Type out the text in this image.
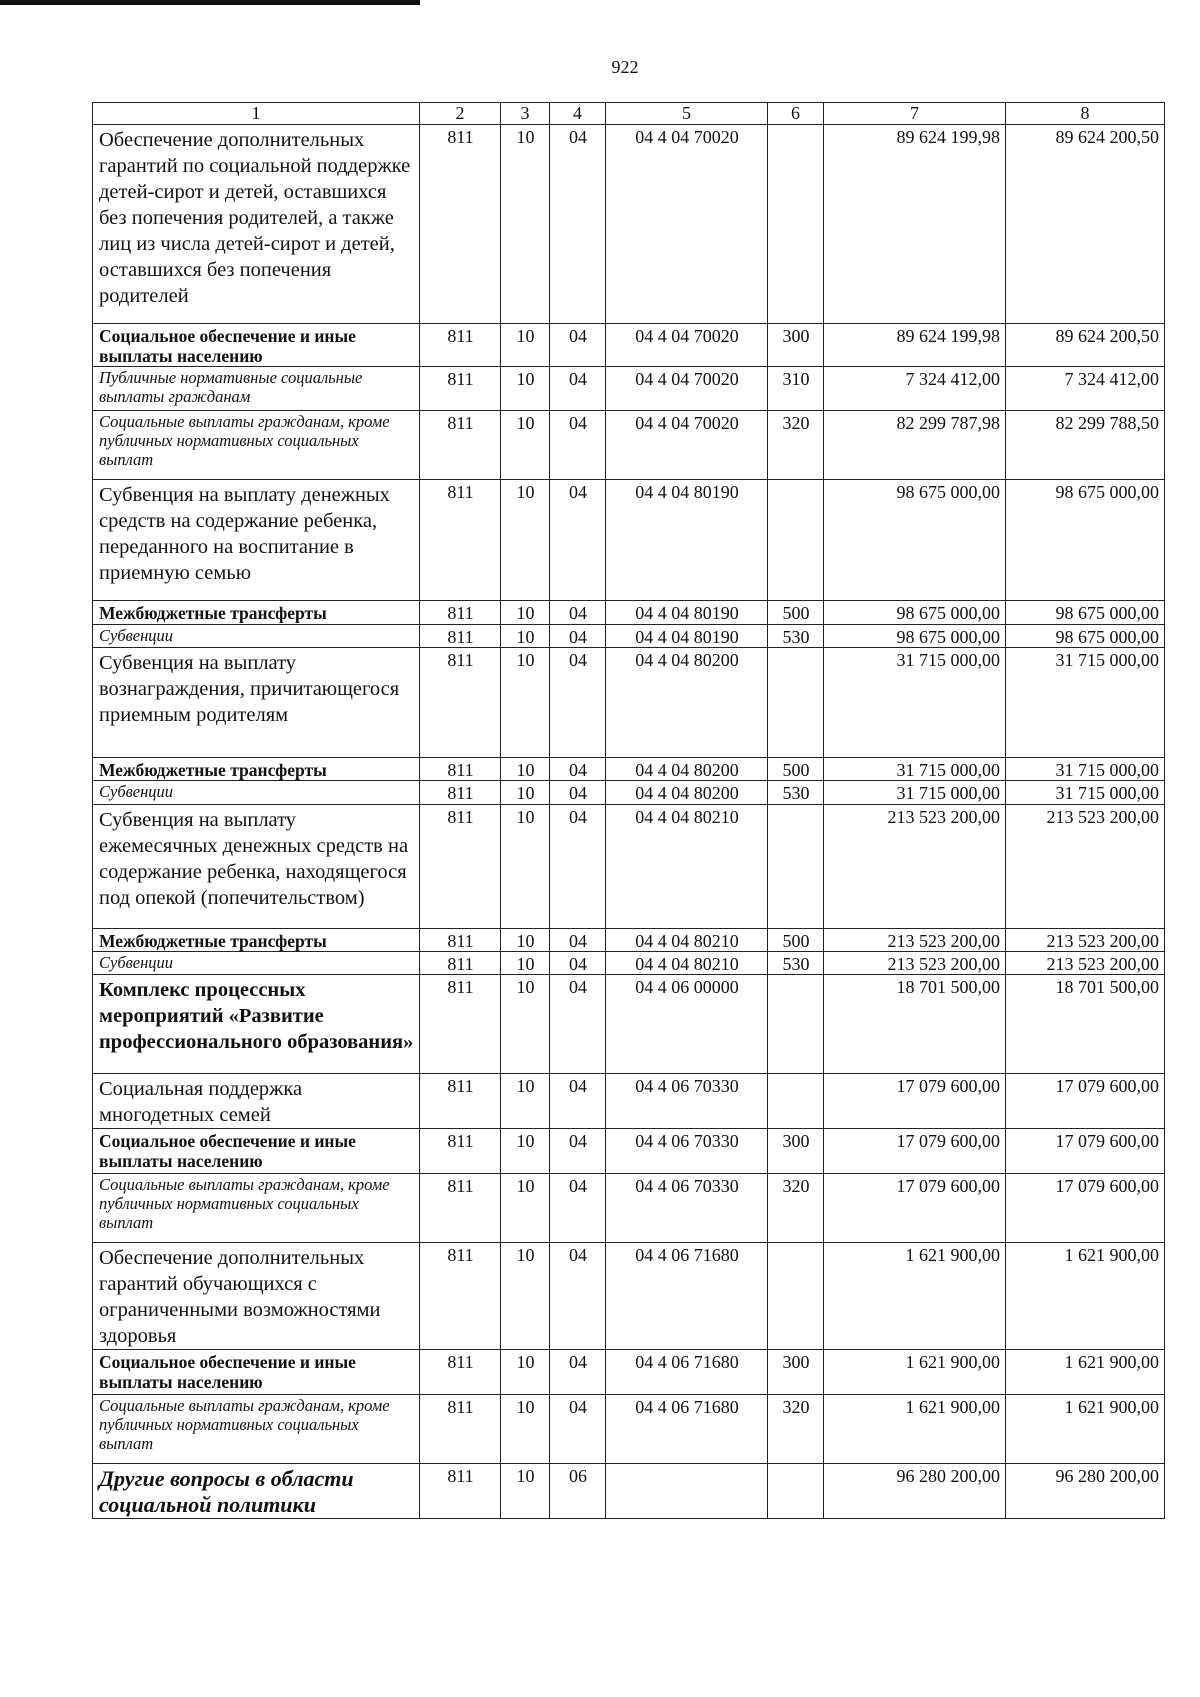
922
1	2	3	4	5	6	7	8
Обеспечение дополнительных гарантий по социальной поддержке детей-сирот и детей, оставшихся без попечения родителей, а также лиц из числа детей-сирот и детей, оставшихся без попечения родителей	811	10	04	04 4 04 70020		89 624 199,98	89 624 200,50
Социальное обеспечение и иные выплаты населению	811	10	04	04 4 04 70020	300	89 624 199,98	89 624 200,50
Публичные нормативные социальные выплаты гражданам	811	10	04	04 4 04 70020	310	7 324 412,00	7 324 412,00
Социальные выплаты гражданам, кроме публичных нормативных социальных выплат	811	10	04	04 4 04 70020	320	82 299 787,98	82 299 788,50
Субвенция на выплату денежных средств на содержание ребенка, переданного на воспитание в приемную семью	811	10	04	04 4 04 80190		98 675 000,00	98 675 000,00
Межбюджетные трансферты	811	10	04	04 4 04 80190	500	98 675 000,00	98 675 000,00
Субвенции	811	10	04	04 4 04 80190	530	98 675 000,00	98 675 000,00
Субвенция на выплату вознаграждения, причитающегося приемным родителям	811	10	04	04 4 04 80200		31 715 000,00	31 715 000,00
Межбюджетные трансферты	811	10	04	04 4 04 80200	500	31 715 000,00	31 715 000,00
Субвенции	811	10	04	04 4 04 80200	530	31 715 000,00	31 715 000,00
Субвенция на выплату ежемесячных денежных средств на содержание ребенка, находящегося под опекой (попечительством)	811	10	04	04 4 04 80210		213 523 200,00	213 523 200,00
Межбюджетные трансферты	811	10	04	04 4 04 80210	500	213 523 200,00	213 523 200,00
Субвенции	811	10	04	04 4 04 80210	530	213 523 200,00	213 523 200,00
Комплекс процессных мероприятий «Развитие профессионального образования»	811	10	04	04 4 06 00000		18 701 500,00	18 701 500,00
Социальная поддержка многодетных семей	811	10	04	04 4 06 70330		17 079 600,00	17 079 600,00
Социальное обеспечение и иные выплаты населению	811	10	04	04 4 06 70330	300	17 079 600,00	17 079 600,00
Социальные выплаты гражданам, кроме публичных нормативных социальных выплат	811	10	04	04 4 06 70330	320	17 079 600,00	17 079 600,00
Обеспечение дополнительных гарантий обучающихся с ограниченными возможностями здоровья	811	10	04	04 4 06 71680		1 621 900,00	1 621 900,00
Социальное обеспечение и иные выплаты населению	811	10	04	04 4 06 71680	300	1 621 900,00	1 621 900,00
Социальные выплаты гражданам, кроме публичных нормативных социальных выплат	811	10	04	04 4 06 71680	320	1 621 900,00	1 621 900,00
Другие вопросы в области социальной политики	811	10	06			96 280 200,00	96 280 200,00
